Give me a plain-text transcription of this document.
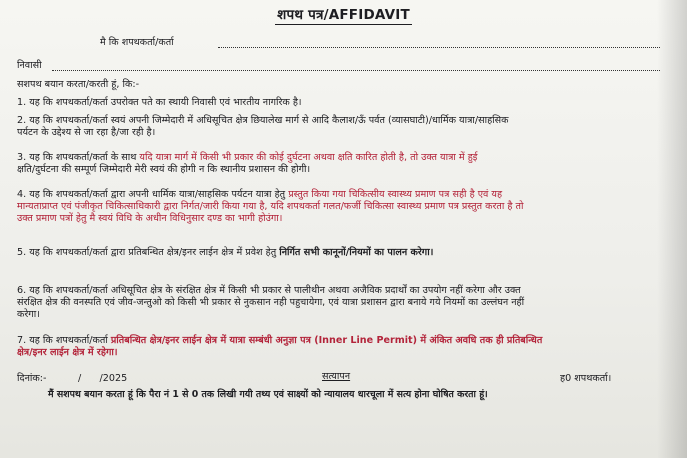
शपथ पत्र/AFFIDAVIT
मै कि शपथकर्ता/कर्ता
निवासी
सशपथ बयान करता/करती हूं, कि:-
1. यह कि शपथकर्ता/कर्ता उपरोक्त पते का स्थायी निवासी एवं भारतीय नागरिक है।
2. यह कि शपथकर्ता/कर्ता स्वयं अपनी जिम्मेदारी में अधिसूचित क्षेत्र छियालेख मार्ग से आदि कैलाश/ऊँ पर्वत (व्यासघाटी)/धार्मिक यात्रा/साहसिक
पर्यटन के उद्देश्य से जा रहा है/जा रही है।
3. यह कि शपथकर्ता/कर्ता के साथ यदि यात्रा मार्ग में किसी भी प्रकार की कोई दुर्घटना अथवा क्षति कारित होती है, तो उक्त यात्रा में हुई
क्षति/दुर्घटना की सम्पूर्ण जिम्मेदारी मेरी स्वयं की होगी न कि स्थानीय प्रशासन की होगी।
4. यह कि शपथकर्ता/कर्ता द्वारा अपनी धार्मिक यात्रा/साहसिक पर्यटन यात्रा हेतु प्रस्तुत किया गया चिकित्सीय स्वास्थ्य प्रमाण पत्र सही है एवं यह
मान्यताप्राप्त एवं पंजीकृत चिकित्साधिकारी द्वारा निर्गत/जारी किया गया है, यदि शपथकर्ता गलत/फर्जी चिकित्सा स्वास्थ्य प्रमाण पत्र प्रस्तुत करता है तो
उक्त प्रमाण पत्रों हेतु मै स्वयं विधि के अधीन विधिनुसार दण्ड का भागी होउंगा।
5. यह कि शपथकर्ता/कर्ता द्वारा प्रतिबन्धित क्षेत्र/इनर लाईन क्षेत्र में प्रवेश हेतु निर्गित सभी कानूनों/नियमों का पालन करेगा।
6. यह कि शपथकर्ता/कर्ता अधिसूचित क्षेत्र के संरक्षित क्षेत्र में किसी भी प्रकार से पालीथीन अथवा अजैविक प्रदार्थों का उपयोग नहीं करेगा और उक्त
संरक्षित क्षेत्र की वनस्पति एवं जीव-जन्तुओ को किसी भी प्रकार से नुकसान नही पहुचायेगा, एवं यात्रा प्रशासन द्वारा बनाये गये नियमों का उल्लंघन नहीं
करेगा।
7. यह कि शपथकर्ता/कर्ता प्रतिबन्धित क्षेत्र/इनर लाईन क्षेत्र में यात्रा सम्बंधी अनुज्ञा पत्र (Inner Line Permit) में अंकित अवधि तक ही प्रतिबन्धित
क्षेत्र/इनर लाईन क्षेत्र में रहेगा।
दिनांक:-	/      /2025	सत्यापन	ह0 शपथकर्ता।
मैं सशपथ बयान करता हूं कि पैरा नं 1 से 0 तक लिखी गयी तथ्य एवं साक्ष्यों को न्यायालय धारचूला में सत्य होना घोषित करता हूं।
